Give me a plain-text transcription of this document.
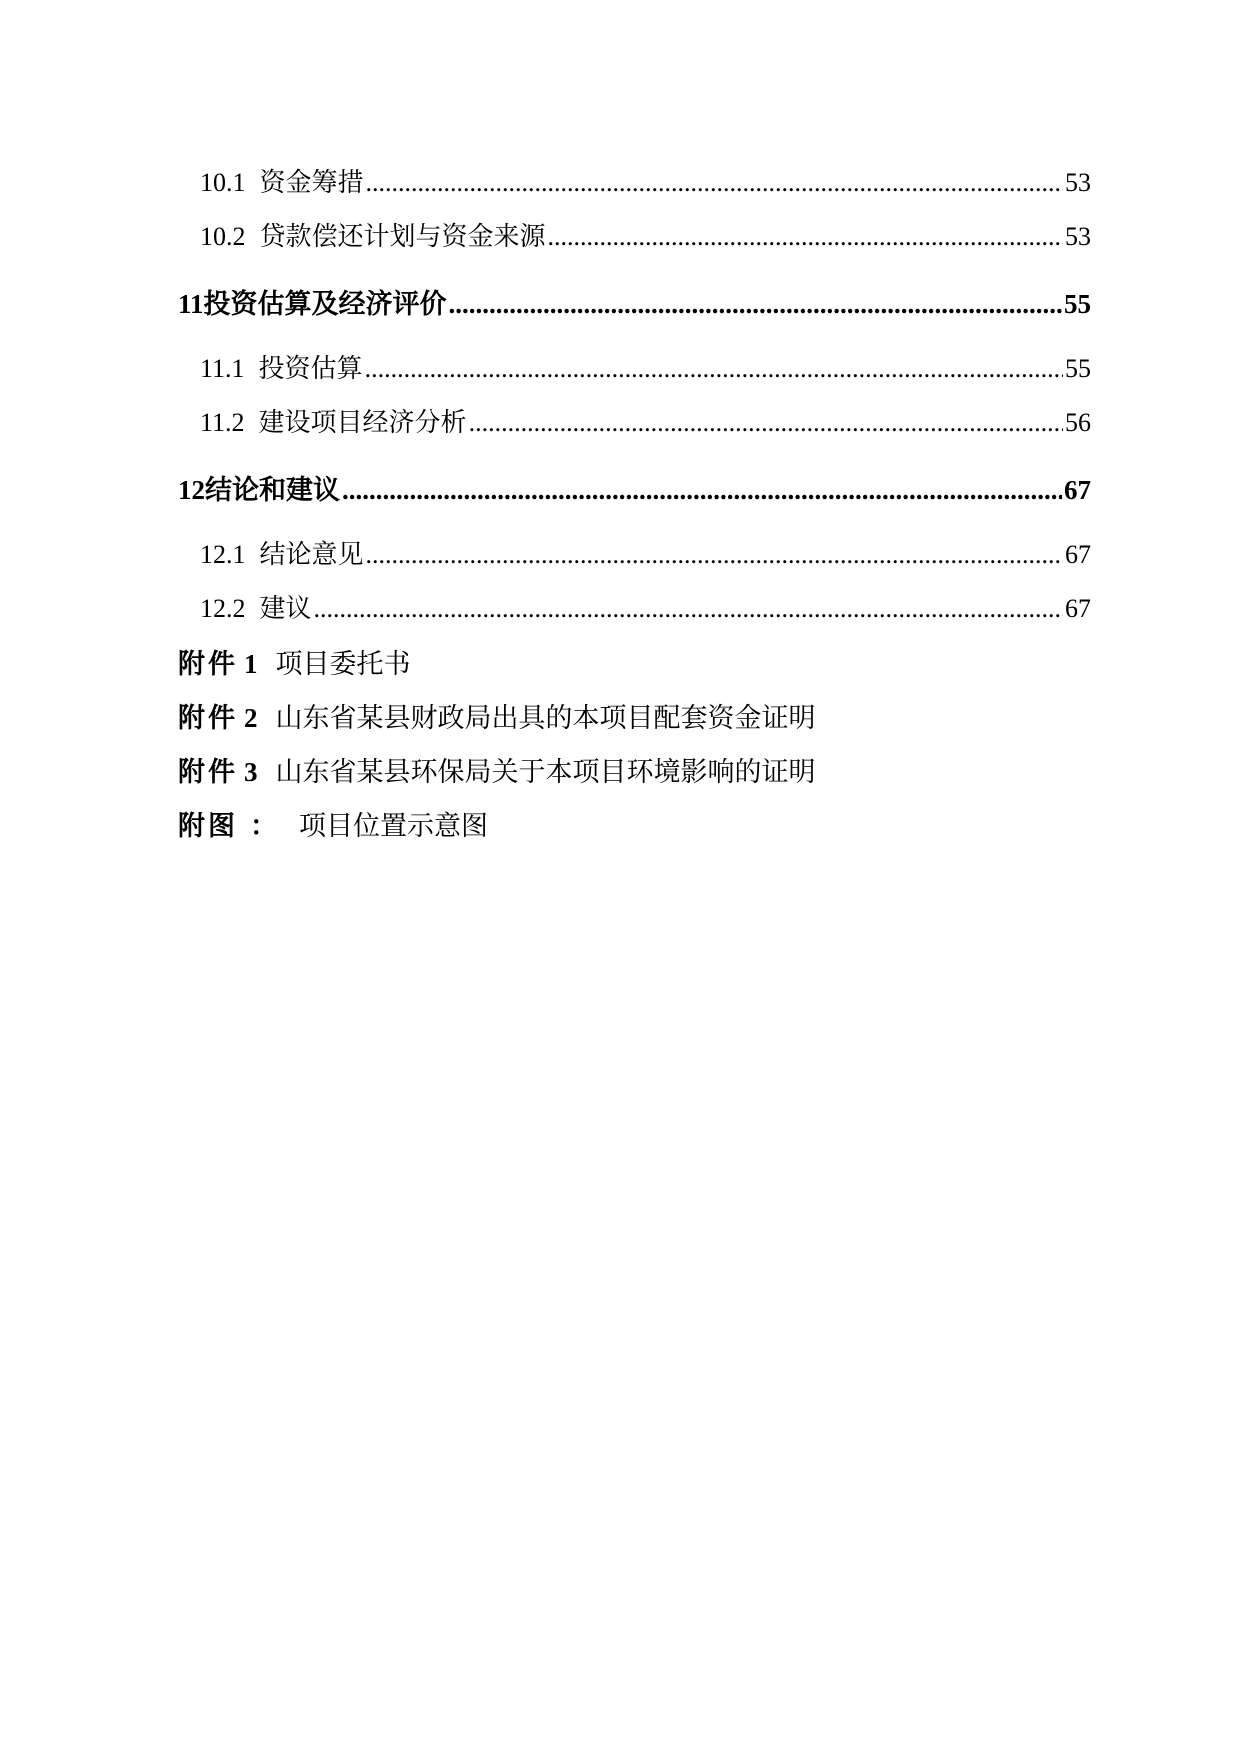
10.1 资金筹措 .....	53
10.2 贷款偿还计划与资金来源 .....	53
11 投资估算及经济评价 .....	55
11.1 投资估算 .....	55
11.2 建设项目经济分析 .....	56
12 结论和建议 .....	67
12.1 结论意见 .....	67
12.2 建议 .....	67
附件 1 项目委托书
附件 2 山东省某县财政局出具的本项目配套资金证明
附件 3 山东省某县环保局关于本项目环境影响的证明
附图 ： 项目位置示意图
